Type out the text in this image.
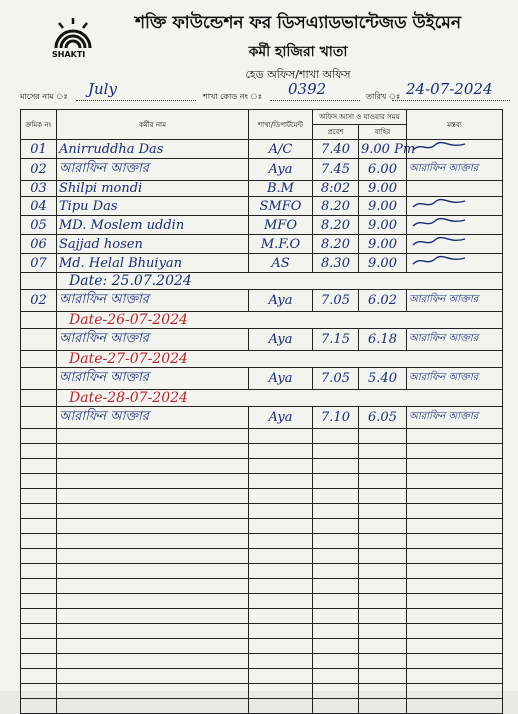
SHAKTI
শক্তি ফাউন্ডেশন ফর ডিসএ্যাডভান্টেজড উইমেন
কর্মী হাজিরা খাতা
হেড অফিস/শাখা অফিস
মাসের নাম ঃ July	শাখা কোড নং ঃ 0392	তারিখ ঃ 24-07-2024
ক্রমিক নং	কর্মীর নাম	শাখা/ডিপার্টমেন্ট	অফিস আসা ও যাওয়ার সময়		মন্তব্য
			প্রবেশ	বাহির	
01	Anirruddha Das	A/C	7.40	9.00 Pm	
02	আরাফিন আক্তার	Aya	7.45	6.00	আরাফিন আক্তার
03	Shilpi mondi	B.M	8:02	9.00	
04	Tipu Das	SMFO	8.20	9.00	
05	MD. Moslem uddin	MFO	8.20	9.00	
06	Sajjad hosen	M.F.O	8.20	9.00	
07	Md. Helal Bhuiyan	AS	8.30	9.00	
	Date: 25.07.2024				
02	আরাফিন আক্তার	Aya	7.05	6.02	আরাফিন আক্তার
	Date-26-07-2024				
	আরাফিন আক্তার	Aya	7.15	6.18	আরাফিন আক্তার
	Date-27-07-2024				
	আরাফিন আক্তার	Aya	7.05	5.40	আরাফিন আক্তার
	Date-28-07-2024				
	আরাফিন আক্তার	Aya	7.10	6.05	আরাফিন আক্তার
